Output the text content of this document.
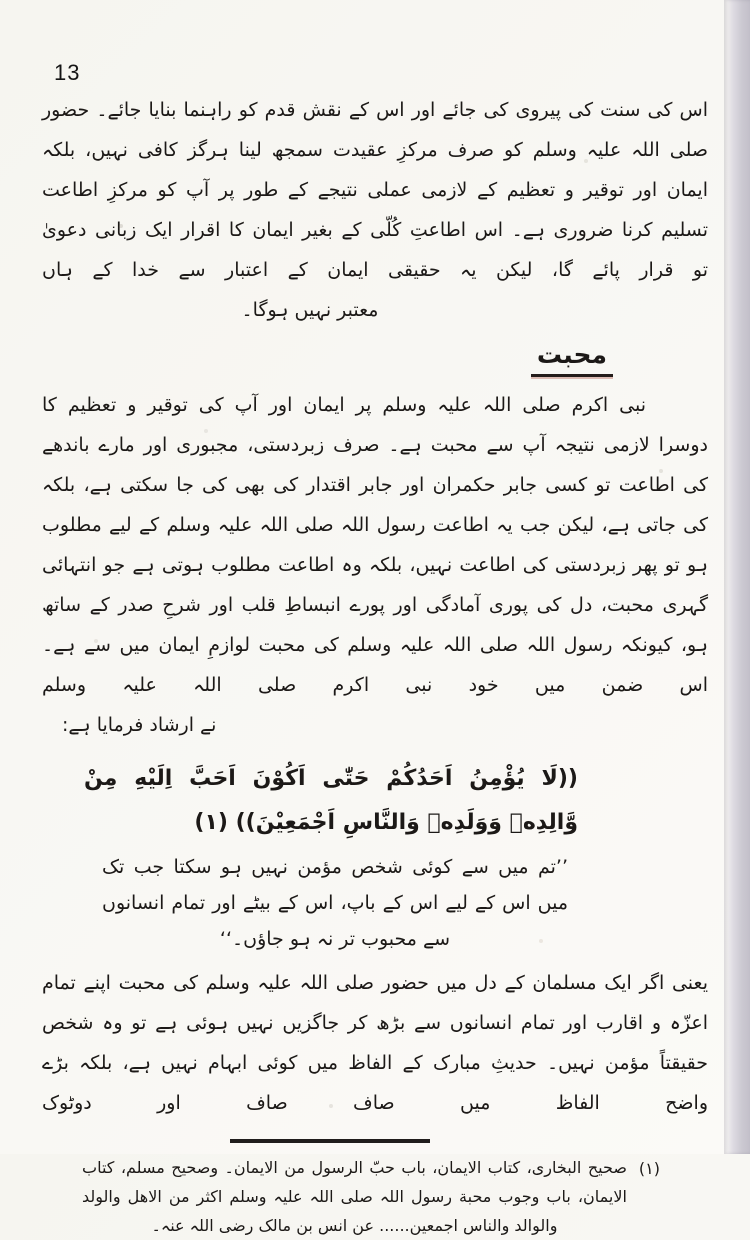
13
اس کی سنت کی پیروی کی جائے اور اس کے نقش قدم کو راہنما بنایا جائے۔ حضور صلی اللہ علیہ وسلم کو صرف مرکزِ عقیدت سمجھ لینا ہرگز کافی نہیں، بلکہ ایمان اور توقیر و تعظیم کے لازمی عملی نتیجے کے طور پر آپ کو مرکزِ اطاعت تسلیم کرنا ضروری ہے۔ اس اطاعتِ کُلّی کے بغیر ایمان کا اقرار ایک زبانی دعویٰ تو قرار پائے گا، لیکن یہ حقیقی ایمان کے اعتبار سے خدا کے ہاں
معتبر نہیں ہوگا۔
محبت
نبی اکرم صلی اللہ علیہ وسلم پر ایمان اور آپ کی توقیر و تعظیم کا دوسرا لازمی نتیجہ آپ سے محبت ہے۔ صرف زبردستی، مجبوری اور مارے باندھے کی اطاعت تو کسی جابر حکمران اور جابر اقتدار کی بھی کی جا سکتی ہے، بلکہ کی جاتی ہے، لیکن جب یہ اطاعت رسول اللہ صلی اللہ علیہ وسلم کے لیے مطلوب ہو تو پھر زبردستی کی اطاعت نہیں، بلکہ وہ اطاعت مطلوب ہوتی ہے جو انتہائی گہری محبت، دل کی پوری آمادگی اور پورے انبساطِ قلب اور شرحِ صدر کے ساتھ ہو، کیونکہ رسول اللہ صلی اللہ علیہ وسلم کی محبت لوازمِ ایمان میں سے ہے۔ اس ضمن میں خود نبی اکرم صلی اللہ علیہ وسلم
نے ارشاد فرمایا ہے:
((لَا يُؤْمِنُ اَحَدُكُمْ حَتّٰى اَكُوْنَ اَحَبَّ اِلَيْهِ مِنْ وَّالِدِهٖ وَوَلَدِهٖ وَالنَّاسِ اَجْمَعِيْنَ)) (۱)
’’تم میں سے کوئی شخص مؤمن نہیں ہو سکتا جب تک میں اس کے لیے اس کے باپ، اس کے بیٹے اور تمام انسانوں سے محبوب تر نہ ہو جاؤں۔‘‘
یعنی اگر ایک مسلمان کے دل میں حضور صلی اللہ علیہ وسلم کی محبت اپنے تمام اعزّہ و اقارب اور تمام انسانوں سے بڑھ کر جاگزیں نہیں ہوئی ہے تو وہ شخص حقیقتاً مؤمن نہیں۔ حدیثِ مبارک کے الفاظ میں کوئی ابہام نہیں ہے، بلکہ بڑے واضح الفاظ میں صاف صاف اور دوٹوک
(۱)
صحیح البخاری، کتاب الایمان، باب حبّ الرسول من الایمان۔ وصحیح مسلم، کتاب الایمان، باب وجوب محبة رسول اللہ صلی اللہ علیہ وسلم اکثر من الاهل والولد والوالد والناس اجمعین...... عن انس بن مالک رضی اللہ عنہ۔
